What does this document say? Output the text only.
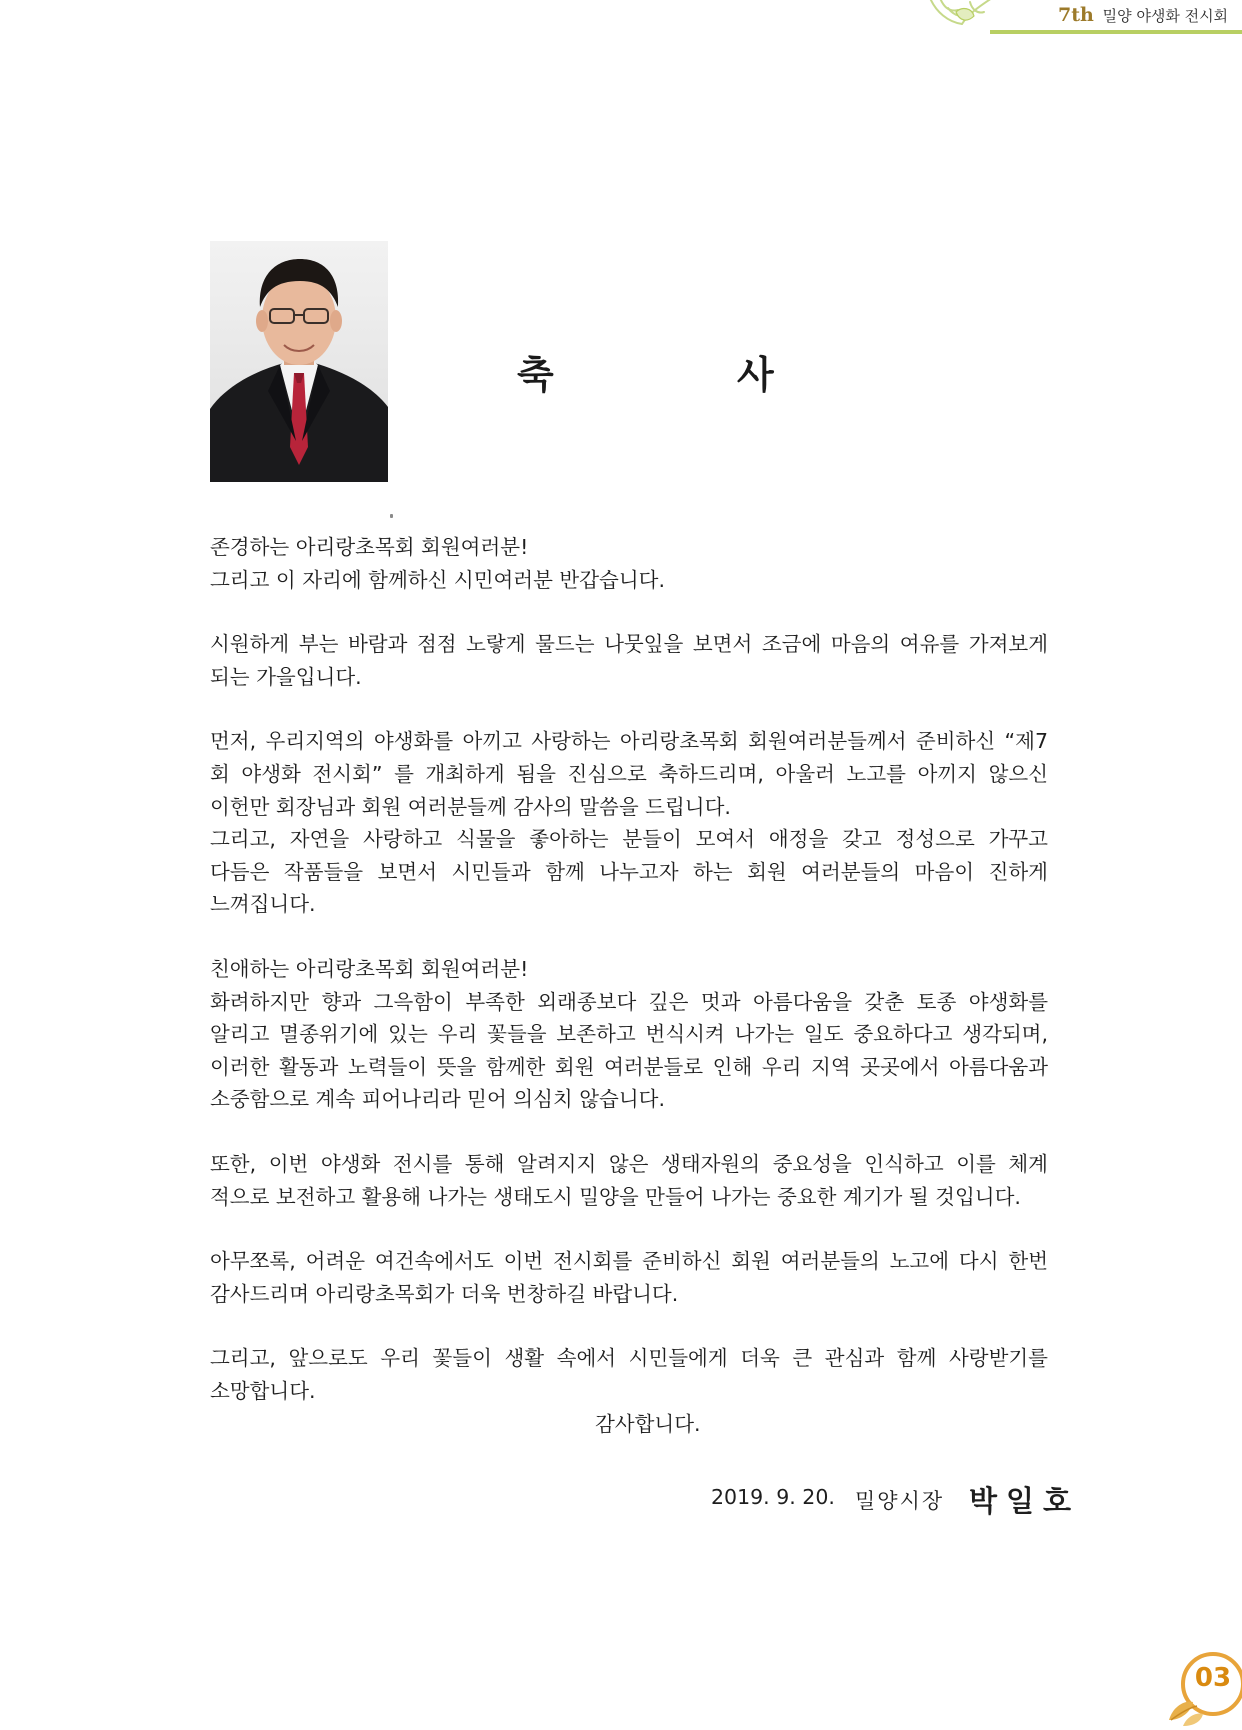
7th 밀양 야생화 전시회
축 사
존경하는 아리랑초목회 회원여러분!
그리고 이 자리에 함께하신 시민여러분 반갑습니다.
시원하게 부는 바람과 점점 노랗게 물드는 나뭇잎을 보면서 조금에 마음의 여유를 가져보게
되는 가을입니다.
먼저, 우리지역의 야생화를 아끼고 사랑하는 아리랑초목회 회원여러분들께서 준비하신 “제7
회 야생화 전시회” 를 개최하게 됨을 진심으로 축하드리며, 아울러 노고를 아끼지 않으신
이헌만 회장님과 회원 여러분들께 감사의 말씀을 드립니다.
그리고, 자연을 사랑하고 식물을 좋아하는 분들이 모여서 애정을 갖고 정성으로 가꾸고
다듬은 작품들을 보면서 시민들과 함께 나누고자 하는 회원 여러분들의 마음이 진하게
느껴집니다.
친애하는 아리랑초목회 회원여러분!
화려하지만 향과 그윽함이 부족한 외래종보다 깊은 멋과 아름다움을 갖춘 토종 야생화를
알리고 멸종위기에 있는 우리 꽃들을 보존하고 번식시켜 나가는 일도 중요하다고 생각되며,
이러한 활동과 노력들이 뜻을 함께한 회원 여러분들로 인해 우리 지역 곳곳에서 아름다움과
소중함으로 계속 피어나리라 믿어 의심치 않습니다.
또한, 이번 야생화 전시를 통해 알려지지 않은 생태자원의 중요성을 인식하고 이를 체계
적으로 보전하고 활용해 나가는 생태도시 밀양을 만들어 나가는 중요한 계기가 될 것입니다.
아무쪼록, 어려운 여건속에서도 이번 전시회를 준비하신 회원 여러분들의 노고에 다시 한번
감사드리며 아리랑초목회가 더욱 번창하길 바랍니다.
그리고, 앞으로도 우리 꽃들이 생활 속에서 시민들에게 더욱 큰 관심과 함께 사랑받기를
소망합니다.
감사합니다.
2019. 9. 20. 밀양시장 박일호
03
